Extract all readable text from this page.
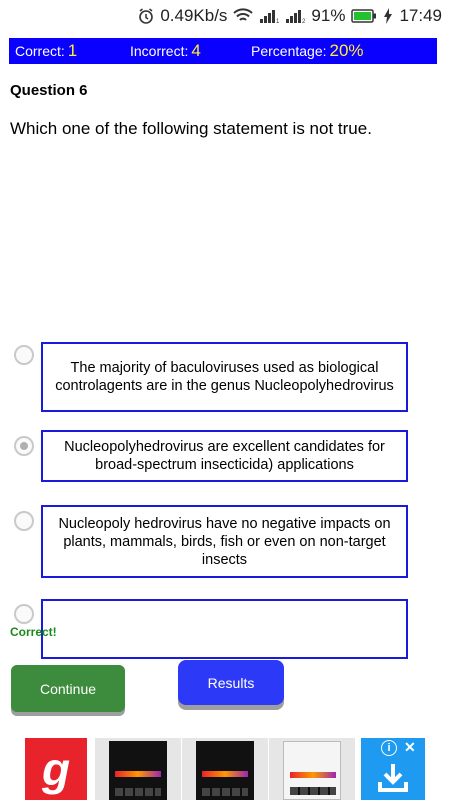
0.49Kb/s	1	2 91%	17:49
Correct: 1	Incorrect: 4	Percentage: 20%
Question 6
Which one of the following statement is not true.
The majority of baculoviruses used as biological controlagents are in the genus Nucleopolyhedrovirus
Nucleopolyhedrovirus are excellent candidates for broad-spectrum insecticida) applications
Nucleopoly hedrovirus have no negative impacts on plants, mammals, birds, fish or even on non-target insects
Correct!
Continue	Results
g	i ✕
